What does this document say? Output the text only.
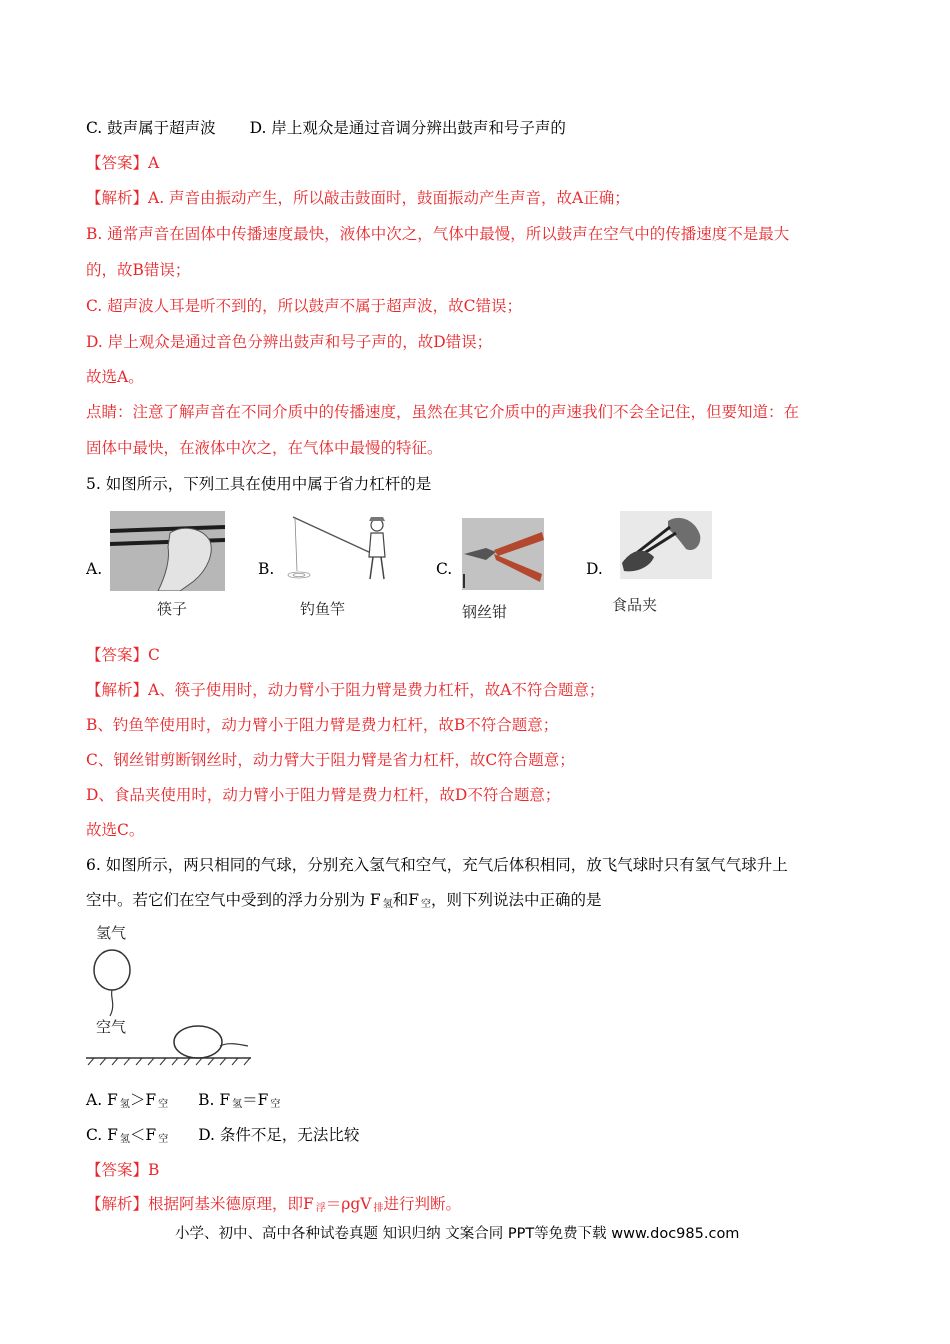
C. 鼓声属于超声波 D. 岸上观众是通过音调分辨出鼓声和号子声的
【答案】A
【解析】A. 声音由振动产生，所以敲击鼓面时，鼓面振动产生声音，故A正确；
B. 通常声音在固体中传播速度最快，液体中次之，气体中最慢，所以鼓声在空气中的传播速度不是最大
的，故B错误；
C. 超声波人耳是听不到的，所以鼓声不属于超声波，故C错误；
D. 岸上观众是通过音色分辨出鼓声和号子声的，故D错误；
故选A。
点睛：注意了解声音在不同介质中的传播速度，虽然在其它介质中的声速我们不会全记住，但要知道：在
固体中最快，在液体中次之，在气体中最慢的特征。
5. 如图所示，下列工具在使用中属于省力杠杆的是
A.
筷子
B.
钓鱼竿
C.
钢丝钳
D.
食品夹
【答案】C
【解析】A、筷子使用时，动力臂小于阻力臂是费力杠杆，故A不符合题意；
B、钓鱼竿使用时，动力臂小于阻力臂是费力杠杆，故B不符合题意；
C、钢丝钳剪断钢丝时，动力臂大于阻力臂是省力杠杆，故C符合题意；
D、食品夹使用时，动力臂小于阻力臂是费力杠杆，故D不符合题意；
故选C。
6. 如图所示，两只相同的气球，分别充入氢气和空气，充气后体积相同，放飞气球时只有氢气气球升上
空中。若它们在空气中受到的浮力分别为 F $_氢$和F $_空$，则下列说法中正确的是
氢气
空气
A. F $_氢$＞F $_空$ B. F $_氢$＝F $_空$
C. F $_氢$＜F $_空$ D. 条件不足，无法比较
【答案】B
【解析】根据阿基米德原理，即F $_浮$＝ρgV $_排$进行判断。
小学、初中、高中各种试卷真题 知识归纳 文案合同 PPT等免费下载 www.doc985.com
